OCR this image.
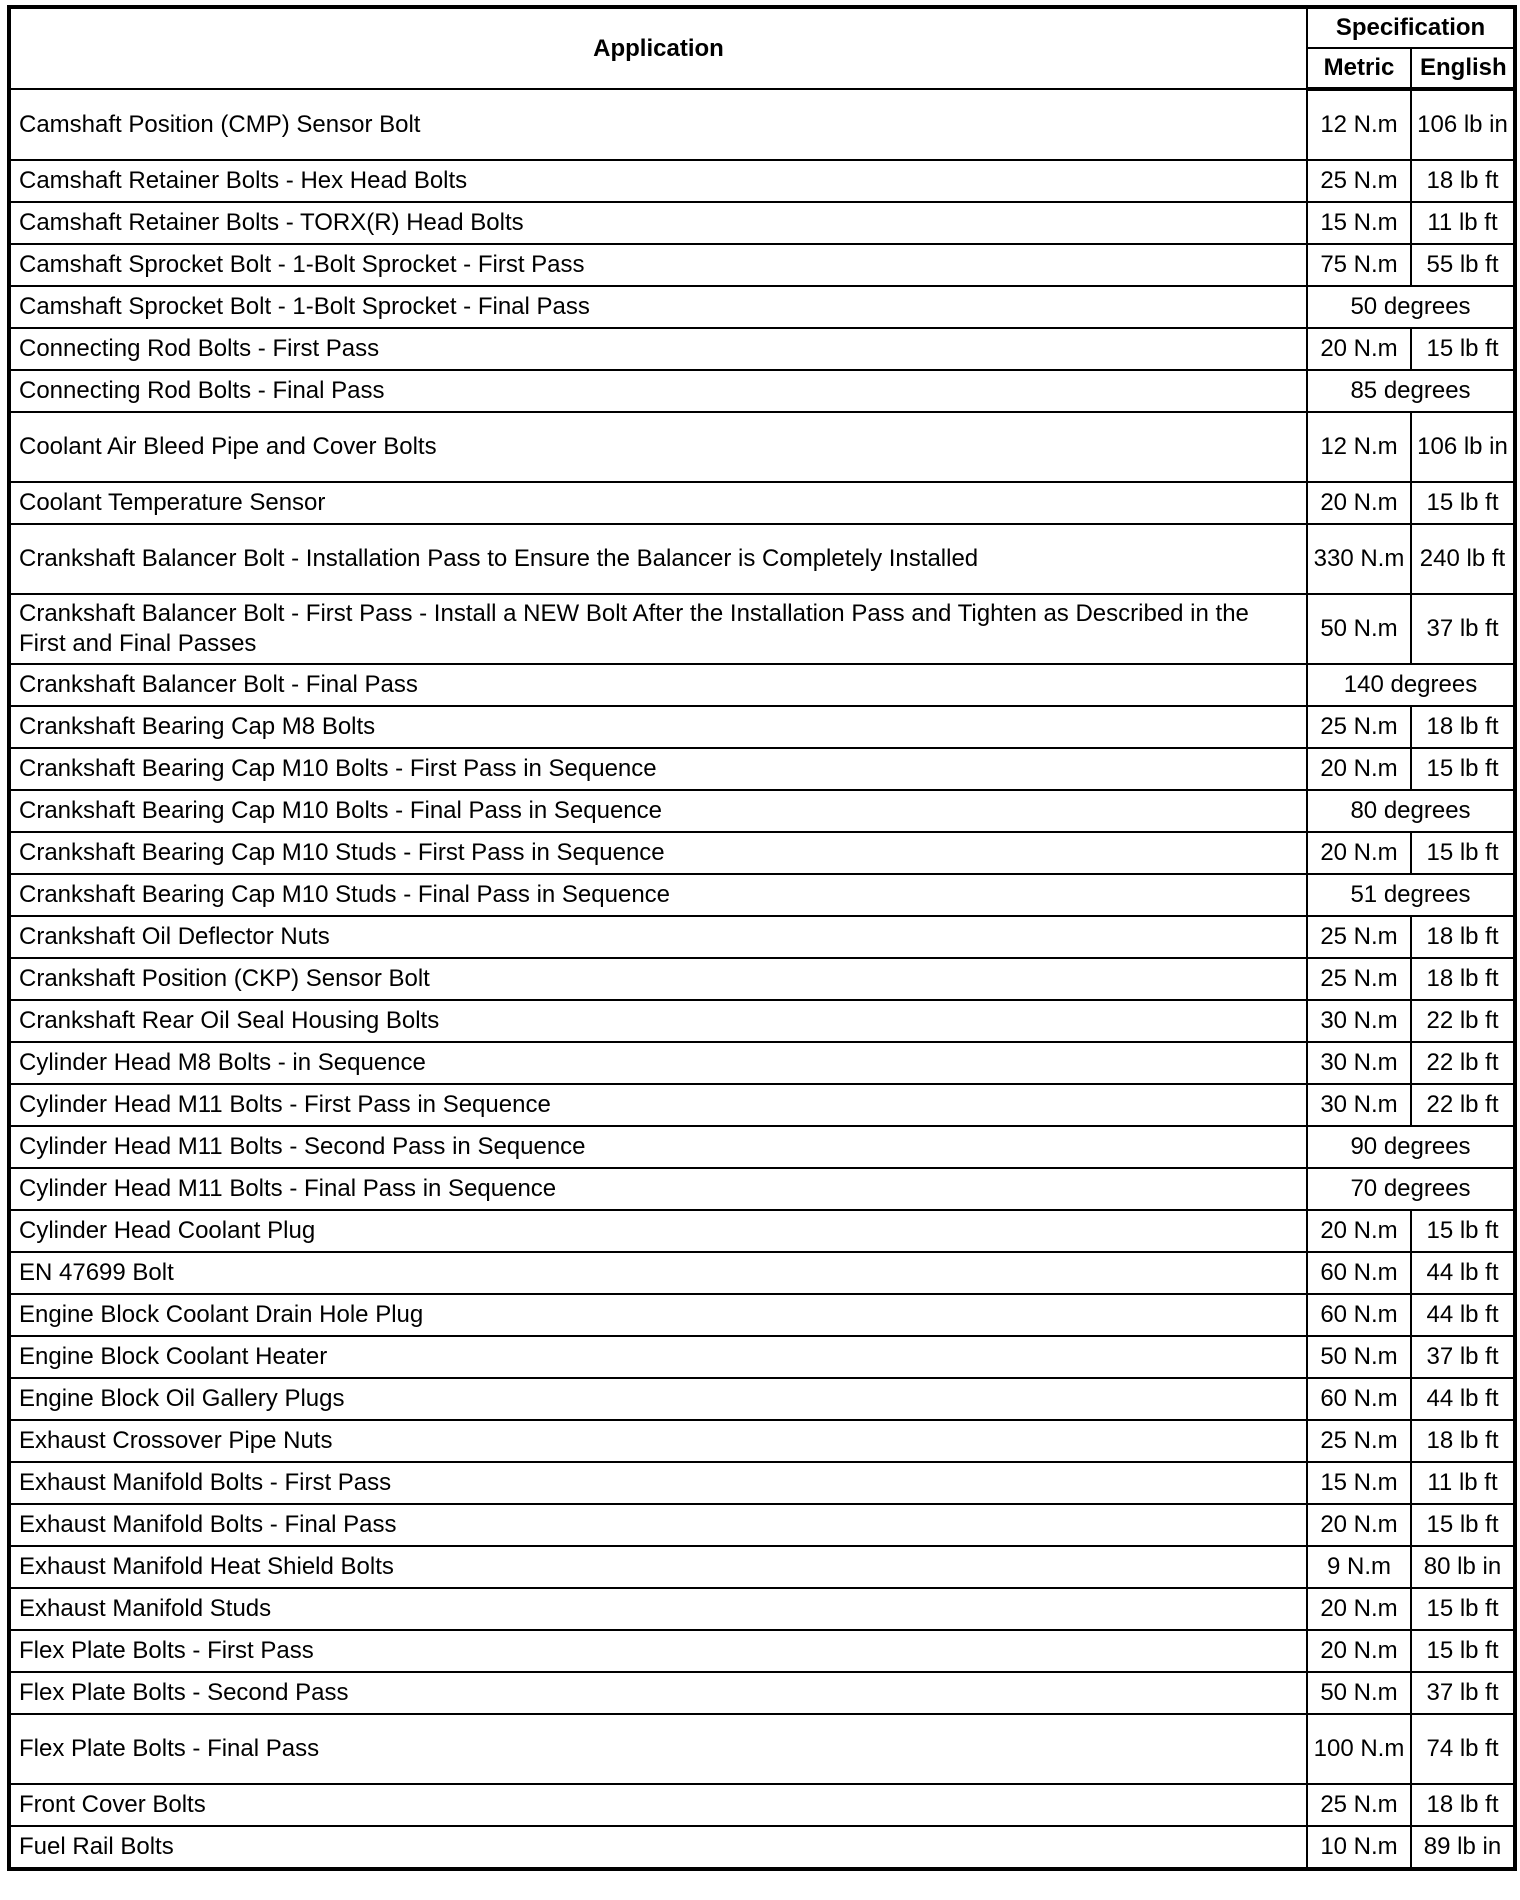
Application	Specification	
	Metric	English
Camshaft Position (CMP) Sensor Bolt	12 N.m	106 lb in
Camshaft Retainer Bolts - Hex Head Bolts	25 N.m	18 lb ft
Camshaft Retainer Bolts - TORX(R) Head Bolts	15 N.m	11 lb ft
Camshaft Sprocket Bolt - 1-Bolt Sprocket - First Pass	75 N.m	55 lb ft
Camshaft Sprocket Bolt - 1-Bolt Sprocket - Final Pass	50 degrees	
Connecting Rod Bolts - First Pass	20 N.m	15 lb ft
Connecting Rod Bolts - Final Pass	85 degrees	
Coolant Air Bleed Pipe and Cover Bolts	12 N.m	106 lb in
Coolant Temperature Sensor	20 N.m	15 lb ft
Crankshaft Balancer Bolt - Installation Pass to Ensure the Balancer is Completely Installed	330 N.m	240 lb ft
Crankshaft Balancer Bolt - First Pass - Install a NEW Bolt After the Installation Pass and Tighten as Described in the First and Final Passes	50 N.m	37 lb ft
Crankshaft Balancer Bolt - Final Pass	140 degrees	
Crankshaft Bearing Cap M8 Bolts	25 N.m	18 lb ft
Crankshaft Bearing Cap M10 Bolts - First Pass in Sequence	20 N.m	15 lb ft
Crankshaft Bearing Cap M10 Bolts - Final Pass in Sequence	80 degrees	
Crankshaft Bearing Cap M10 Studs - First Pass in Sequence	20 N.m	15 lb ft
Crankshaft Bearing Cap M10 Studs - Final Pass in Sequence	51 degrees	
Crankshaft Oil Deflector Nuts	25 N.m	18 lb ft
Crankshaft Position (CKP) Sensor Bolt	25 N.m	18 lb ft
Crankshaft Rear Oil Seal Housing Bolts	30 N.m	22 lb ft
Cylinder Head M8 Bolts - in Sequence	30 N.m	22 lb ft
Cylinder Head M11 Bolts - First Pass in Sequence	30 N.m	22 lb ft
Cylinder Head M11 Bolts - Second Pass in Sequence	90 degrees	
Cylinder Head M11 Bolts - Final Pass in Sequence	70 degrees	
Cylinder Head Coolant Plug	20 N.m	15 lb ft
EN 47699 Bolt	60 N.m	44 lb ft
Engine Block Coolant Drain Hole Plug	60 N.m	44 lb ft
Engine Block Coolant Heater	50 N.m	37 lb ft
Engine Block Oil Gallery Plugs	60 N.m	44 lb ft
Exhaust Crossover Pipe Nuts	25 N.m	18 lb ft
Exhaust Manifold Bolts - First Pass	15 N.m	11 lb ft
Exhaust Manifold Bolts - Final Pass	20 N.m	15 lb ft
Exhaust Manifold Heat Shield Bolts	9 N.m	80 lb in
Exhaust Manifold Studs	20 N.m	15 lb ft
Flex Plate Bolts - First Pass	20 N.m	15 lb ft
Flex Plate Bolts - Second Pass	50 N.m	37 lb ft
Flex Plate Bolts - Final Pass	100 N.m	74 lb ft
Front Cover Bolts	25 N.m	18 lb ft
Fuel Rail Bolts	10 N.m	89 lb in
